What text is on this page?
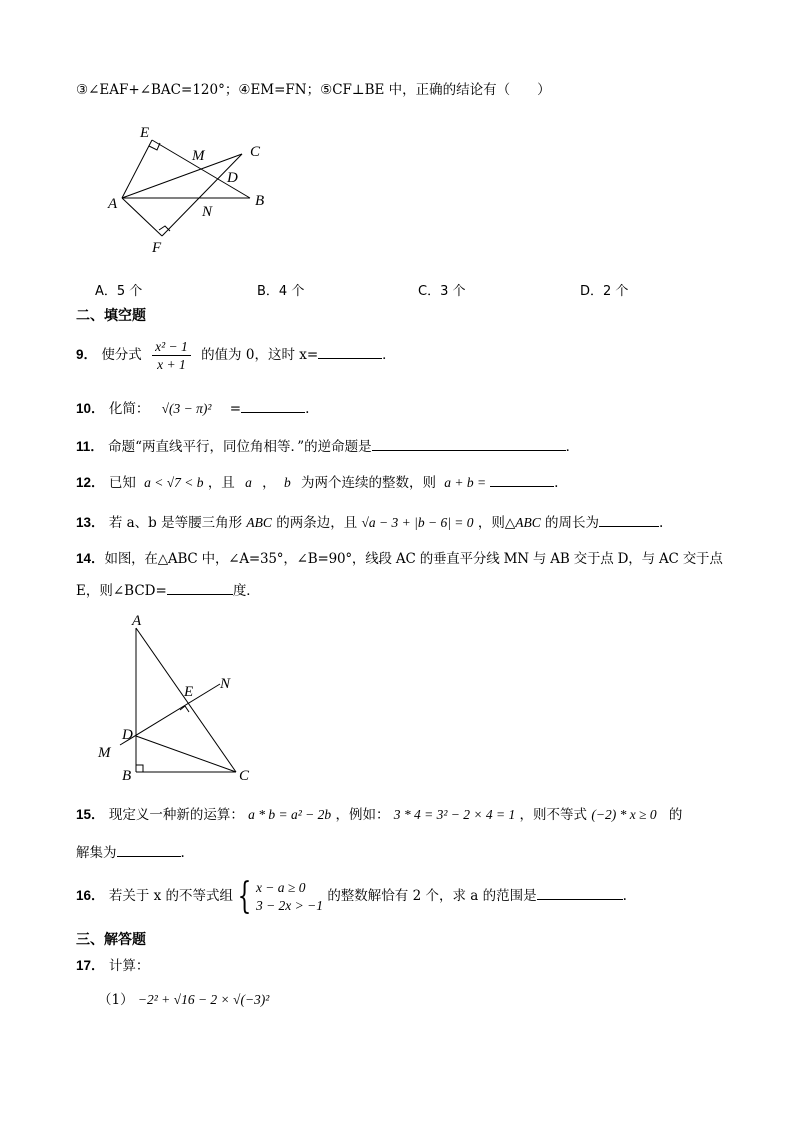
③∠EAF+∠BAC=120°；④EM=FN；⑤CF⊥BE 中，正确的结论有（　　）
E
M	C
D
A	N
B
F
A．5 个	B．4 个	C．3 个	D．2 个
二、填空题
9． 使分式 $\frac{\text{x² − 1}}{x + 1}$ 的值为 0，这时 x=	．
10． 化简： √(3 − π)² =	.
11． 命题“两直线平行，同位角相等．”的逆命题是	．
12． 已知 a < √7 < b ，且 a ， b 为两个连续的整数，则 a + b =	.
13． 若 a、b 是等腰三角形 ABC 的两条边，且 √a − 3 + |b − 6| = 0 ，则△ABC 的周长为	.
14．如图，在△ABC 中，∠A=35°，∠B=90°，线段 AC 的垂直平分线 MN 与 AB 交于点 D，与 AC 交于点
E，则∠BCD=	度．
A
E N
D
M
B	C
15． 现定义一种新的运算： a * b = a² − 2b ，例如： 3 * 4 = 3² − 2 × 4 = 1 ，则不等式 (−2) * x ≥ 0 的
解集为	.
16． 若关于 x 的不等式组 { x − a ≥ 0
3 − 2x > −1
的整数解恰有 2 个，求 a 的范围是	.
三、解答题
17． 计算：
（1） −2² + √16 − 2 × √(−3)²
